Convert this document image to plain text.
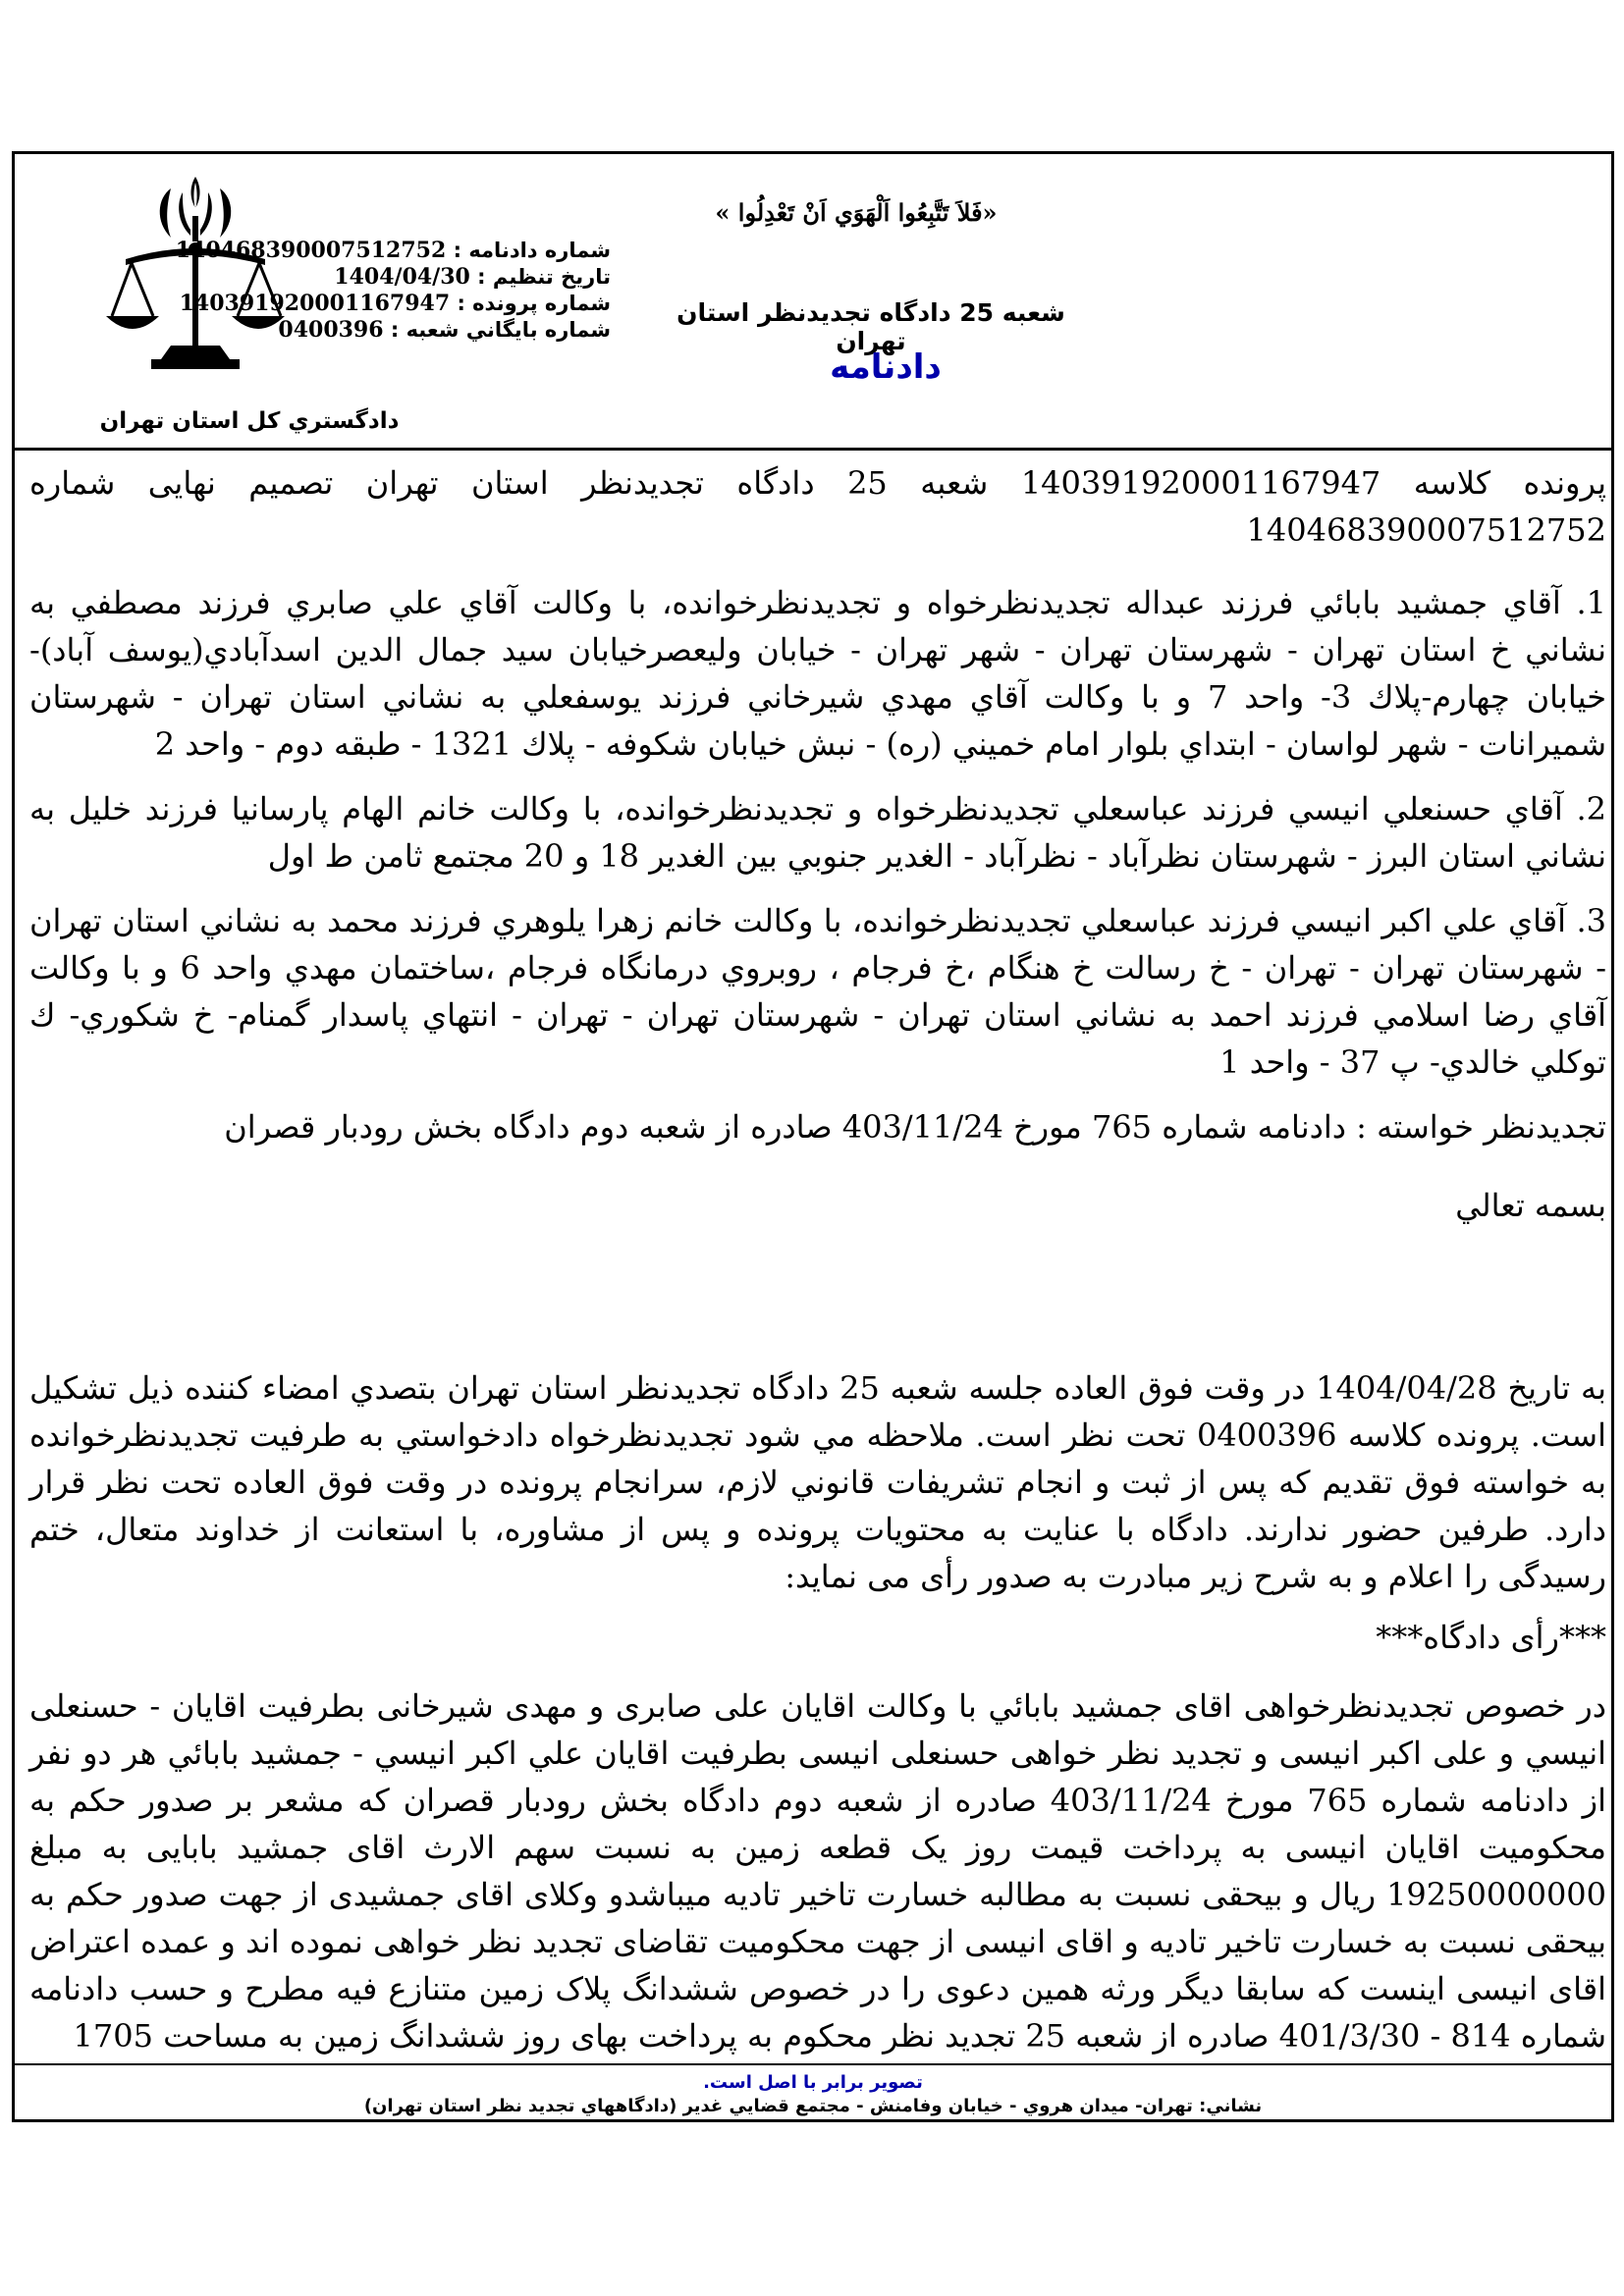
دادگستري کل استان تهران
«فَلاَ تَتَّبِعُوا اَلْهَوَي اَنْ تَعْدِلُوا »
شعبه 25 دادگاه تجديدنظر استان تهران
دادنامه
شماره دادنامه : 140468390007512752
تاريخ تنظيم : 1404/04/30
شماره پرونده : 140391920001167947
شماره بايگاني شعبه : 0400396

پرونده كلاسه 140391920001167947 شعبه 25 دادگاه تجديدنظر استان تهران تصميم نهايی شماره 140468390007512752

1. آقاي جمشيد بابائي فرزند عبداله تجديدنظرخواه و تجديدنظرخوانده، با وكالت آقاي علي صابري فرزند مصطفي به نشاني خ استان تهران - شهرستان تهران - شهر تهران - خيابان وليعصرخيابان سيد جمال الدين اسدآبادي(يوسف آباد)-خيابان چهارم-پلاك 3- واحد 7 و با وكالت آقاي مهدي شيرخاني فرزند يوسفعلي به نشاني استان تهران - شهرستان شميرانات - شهر لواسان - ابتداي بلوار امام خميني (ره) - نبش خيابان شكوفه - پلاك 1321 - طبقه دوم - واحد 2

2. آقاي حسنعلي انيسي فرزند عباسعلي تجديدنظرخواه و تجديدنظرخوانده، با وكالت خانم الهام پارسانيا فرزند خليل به نشاني استان البرز - شهرستان نظرآباد - نظرآباد - الغدير جنوبي بين الغدير 18 و 20 مجتمع ثامن ط اول

3. آقاي علي اكبر انيسي فرزند عباسعلي تجديدنظرخوانده، با وكالت خانم زهرا يلوهري فرزند محمد به نشاني استان تهران - شهرستان تهران - تهران - خ رسالت خ هنگام ،خ فرجام ، روبروي درمانگاه فرجام ،ساختمان مهدي واحد 6 و با وكالت آقاي رضا اسلامي فرزند احمد به نشاني استان تهران - شهرستان تهران - تهران - انتهاي پاسدار گمنام- خ شكوري- ك توكلي خالدي- پ 37 - واحد 1

تجديدنظر خواسته : دادنامه شماره 765 مورخ 403/11/24 صادره از شعبه دوم دادگاه بخش رودبار قصران

بسمه تعالي

به تاريخ 1404/04/28 در وقت فوق العاده جلسه شعبه 25 دادگاه تجديدنظر استان تهران بتصدي امضاء كننده ذيل تشكيل است. پرونده كلاسه 0400396 تحت نظر است. ملاحظه مي شود تجديدنظرخواه دادخواستي به طرفيت تجديدنظرخوانده به خواسته فوق تقديم كه پس از ثبت و انجام تشريفات قانوني لازم، سرانجام پرونده در وقت فوق العاده تحت نظر قرار دارد. طرفين حضور ندارند. دادگاه با عنايت به محتويات پرونده و پس از مشاوره، با استعانت از خداوند متعال، ختم رسيدگی را اعلام و به شرح زير مبادرت به صدور رأی می نمايد:

***رأی دادگاه***

در خصوص تجدیدنظرخواهی اقای جمشید بابائي با وکالت اقایان علی صابری و مهدی شیرخانی بطرفیت اقایان - حسنعلی انیسي و علی اکبر انیسی و تجدید نظر خواهی حسنعلی انیسی بطرفیت اقایان علي اكبر انيسي - جمشيد بابائي هر دو نفر از دادنامه شماره 765 مورخ 403/11/24 صادره از شعبه دوم دادگاه بخش رودبار قصران که مشعر بر صدور حکم به محکومیت اقایان انیسی به پرداخت قیمت روز یک قطعه زمین به نسبت سهم الارث اقای جمشید بابایی به مبلغ 19250000000 ریال و بیحقی نسبت به مطالبه خسارت تاخیر تادیه میباشدو وکلای اقای جمشیدی از جهت صدور حکم به بیحقی نسبت به خسارت تاخیر تادیه و اقای انیسی از جهت محکومیت تقاضای تجدید نظر خواهی نموده اند و عمده اعتراض اقای انیسی اینست که سابقا دیگر ورثه همین دعوی را در خصوص ششدانگ پلاک زمین متنازع فیه مطرح و حسب دادنامه شماره 814 - 401/3/30 صادره از شعبه 25 تجدید نظر محکوم به پرداخت بهای روز ششدانگ زمین به مساحت 1705

تصوير برابر با اصل است.
نشاني: تهران- ميدان هروي - خيابان وفامنش - مجتمع قضايي غدير (دادگاههاي تجديد نظر استان تهران)
